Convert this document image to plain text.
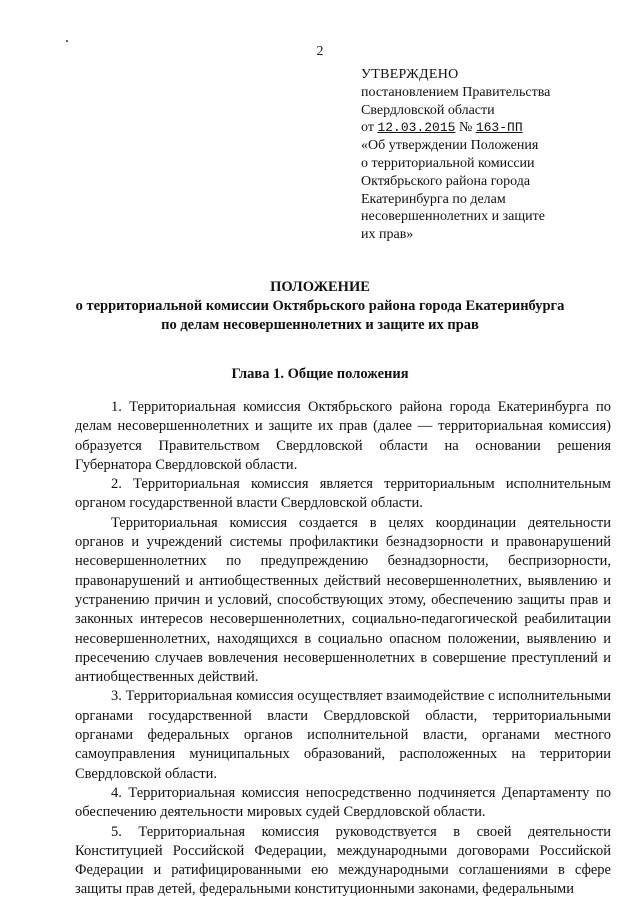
2
УТВЕРЖДЕНО
постановлением Правительства
Свердловской области
от 12.03.2015 № 163-ПП
«Об утверждении Положения
о территориальной комиссии
Октябрьского района города
Екатеринбурга по делам
несовершеннолетних и защите
их прав»
ПОЛОЖЕНИЕ
о территориальной комиссии Октябрьского района города Екатеринбурга
по делам несовершеннолетних и защите их прав
Глава 1. Общие положения

1. Территориальная комиссия Октябрьского района города Екатеринбурга по делам несовершеннолетних и защите их прав (далее — территориальная комиссия) образуется Правительством Свердловской области на основании решения Губернатора Свердловской области.

2. Территориальная комиссия является территориальным исполнительным органом государственной власти Свердловской области.

Территориальная комиссия создается в целях координации деятельности органов и учреждений системы профилактики безнадзорности и правонарушений несовершеннолетних по предупреждению безнадзорности, беспризорности, правонарушений и антиобщественных действий несовершеннолетних, выявлению и устранению причин и условий, способствующих этому, обеспечению защиты прав и законных интересов несовершеннолетних, социально-педагогической реабилитации несовершеннолетних, находящихся в социально опасном положении, выявлению и пресечению случаев вовлечения несовершеннолетних в совершение преступлений и антиобщественных действий.

3. Территориальная комиссия осуществляет взаимодействие с исполнительными органами государственной власти Свердловской области, территориальными органами федеральных органов исполнительной власти, органами местного самоуправления муниципальных образований, расположенных на территории Свердловской области.

4. Территориальная комиссия непосредственно подчиняется Департаменту по обеспечению деятельности мировых судей Свердловской области.

5. Территориальная комиссия руководствуется в своей деятельности Конституцией Российской Федерации, международными договорами Российской Федерации и ратифицированными ею международными соглашениями в сфере защиты прав детей, федеральными конституционными законами, федеральными
